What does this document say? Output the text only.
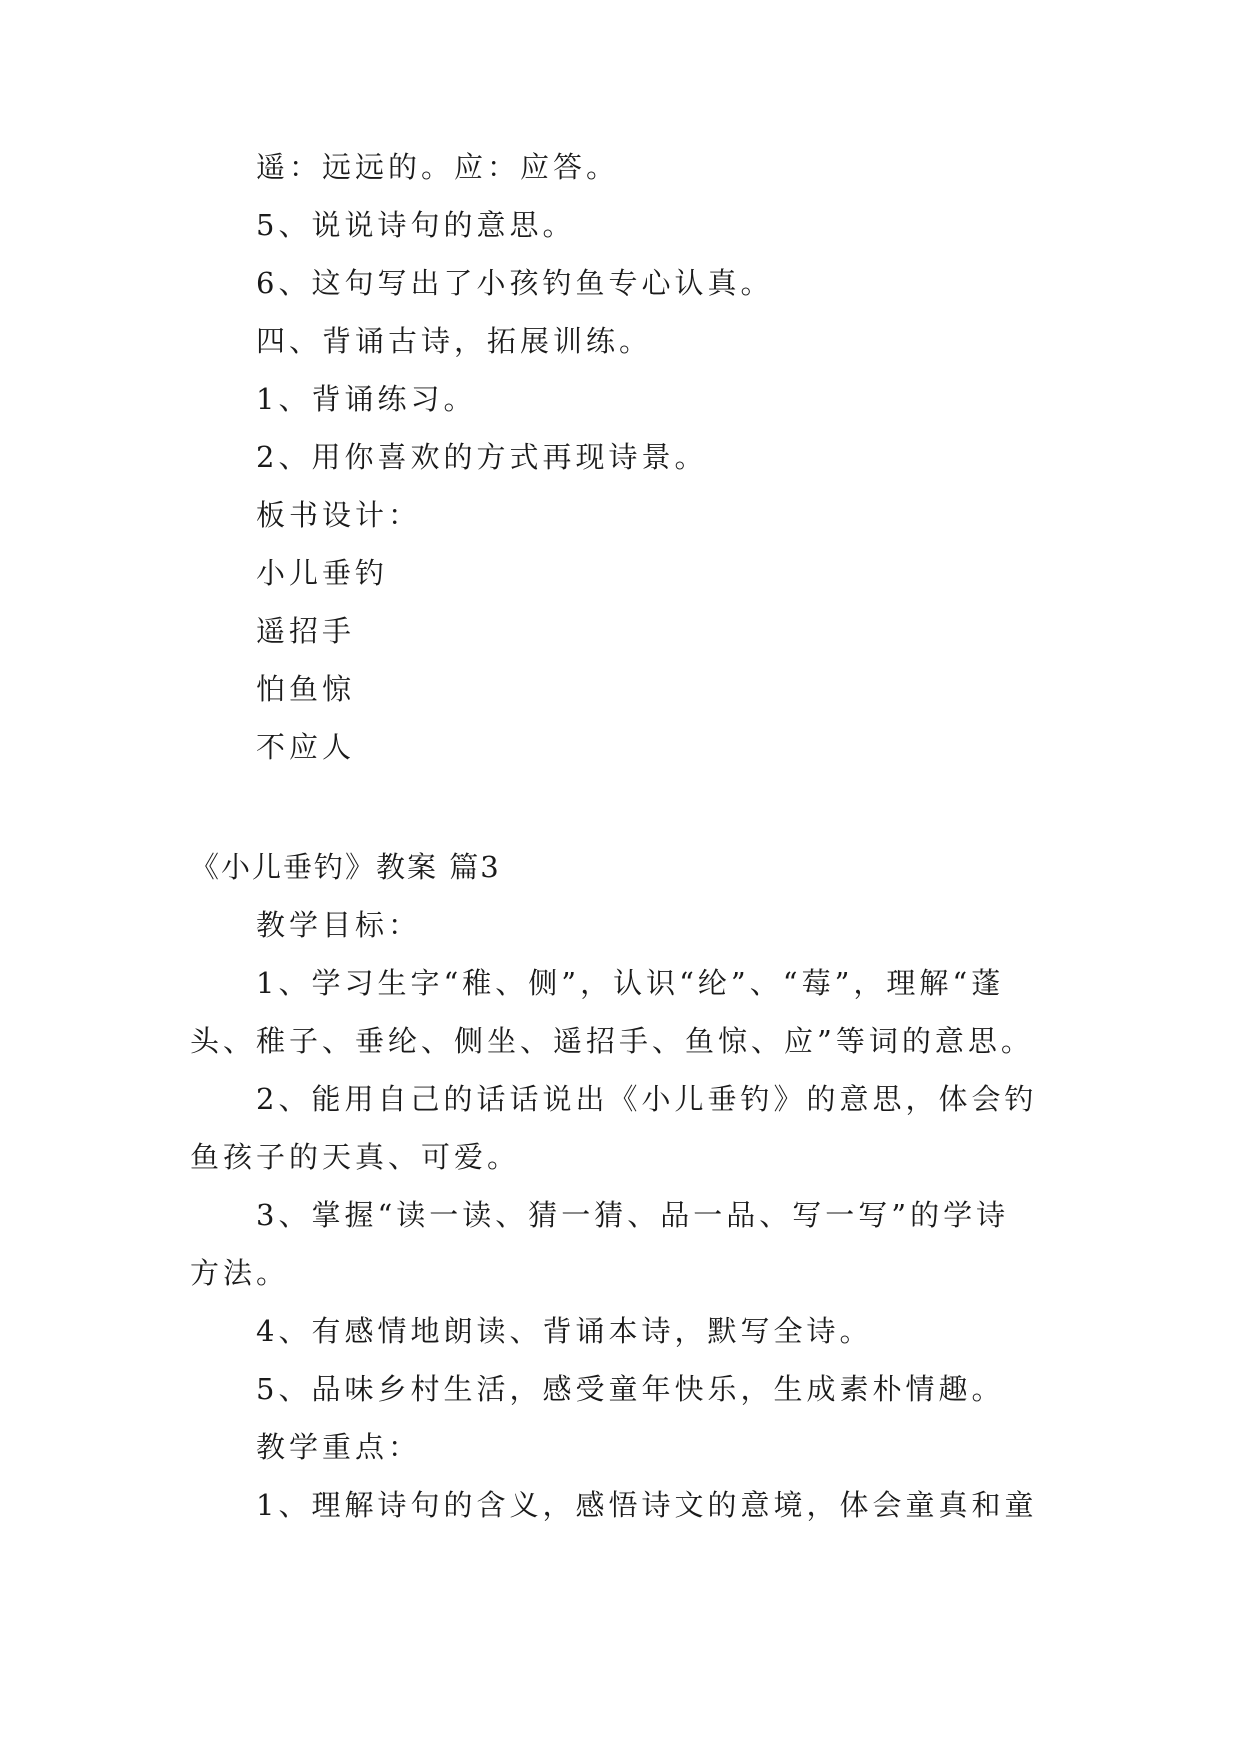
遥：远远的。应：应答。
5、说说诗句的意思。
6、这句写出了小孩钓鱼专心认真。
四、背诵古诗，拓展训练。
1、背诵练习。
2、用你喜欢的方式再现诗景。
板书设计：
小儿垂钓
遥招手
怕鱼惊
不应人
《小儿垂钓》教案 篇3
教学目标：
1、学习生字“稚、侧”，认识“纶”、“莓”，理解“蓬
头、稚子、垂纶、侧坐、遥招手、鱼惊、应”等词的意思。
2、能用自己的话话说出《小儿垂钓》的意思，体会钓
鱼孩子的天真、可爱。
3、掌握“读一读、猜一猜、品一品、写一写”的学诗
方法。
4、有感情地朗读、背诵本诗，默写全诗。
5、品味乡村生活，感受童年快乐，生成素朴情趣。
教学重点：
1、理解诗句的含义，感悟诗文的意境，体会童真和童
